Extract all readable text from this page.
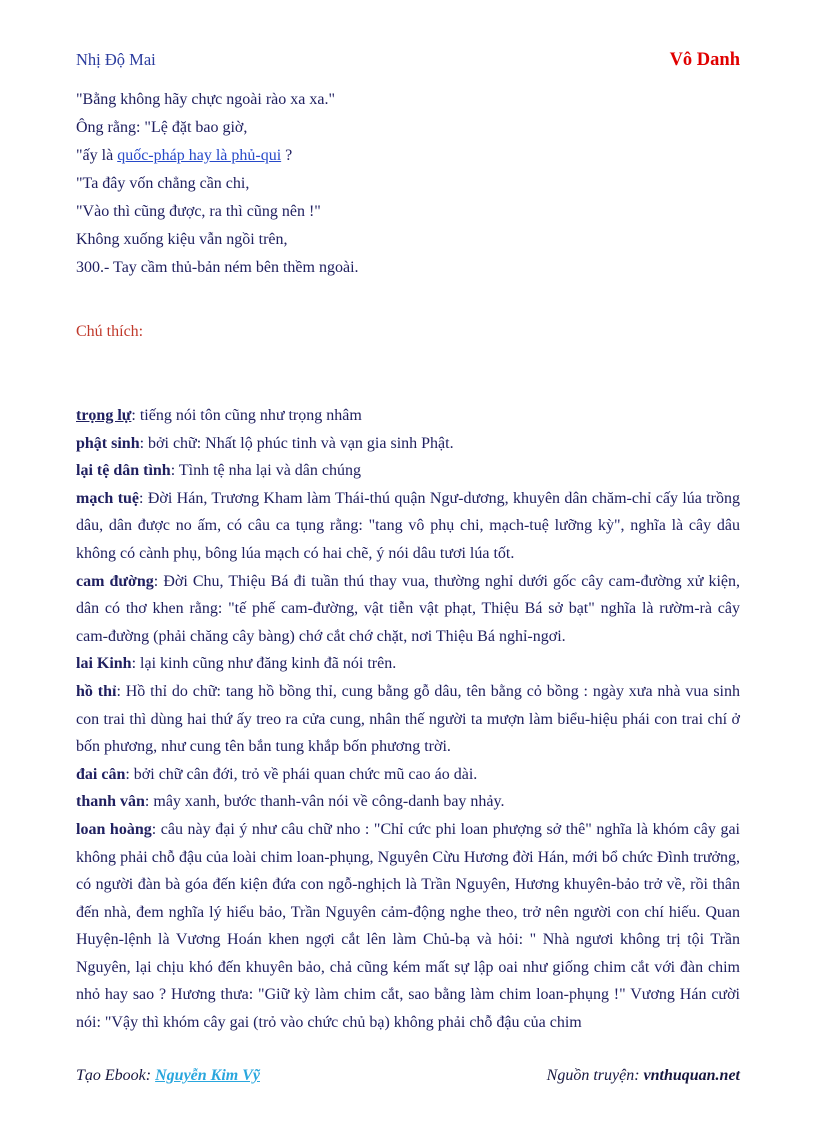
Nhị Độ Mai	Vô Danh

"Bằng không hãy chực ngoài rào xa xa."

Ông rằng: "Lệ đặt bao giờ,

"ấy là quốc-pháp hay là phủ-qui ?

"Ta đây vốn chẳng cần chi,

"Vào thì cũng được, ra thì cũng nên !"

Không xuống kiệu vẫn ngồi trên,

300.- Tay cầm thủ-bản ném bên thềm ngoài.

Chú thích:

trọng lự: tiếng nói tôn cũng như trọng nhâm

phật sinh: bởi chữ: Nhất lộ phúc tinh và vạn gia sinh Phật.

lại tệ dân tình: Tình tệ nha lại và dân chúng

mạch tuệ: Đời Hán, Trương Kham làm Thái-thú quận Ngư-dương, khuyên dân chăm-chỉ cấy lúa trồng dâu, dân được no ấm, có câu ca tụng rằng: "tang vô phụ chi, mạch-tuệ lưỡng kỳ", nghĩa là cây dâu không có cành phụ, bông lúa mạch có hai chẽ, ý nói dâu tươi lúa tốt.

cam đường: Đời Chu, Thiệu Bá đi tuần thú thay vua, thường nghỉ dưới gốc cây cam-đường xử kiện, dân có thơ khen rằng: "tế phế cam-đường, vật tiễn vật phạt, Thiệu Bá sở bạt" nghĩa là rườm-rà cây cam-đường (phải chăng cây bàng) chớ cắt chớ chặt, nơi Thiệu Bá nghỉ-ngơi.

lai Kinh: lại kinh cũng như đăng kinh đã nói trên.

hồ thỉ: Hồ thỉ do chữ: tang hồ bồng thỉ, cung bằng gỗ dâu, tên bằng cỏ bồng : ngày xưa nhà vua sinh con trai thì dùng hai thứ ấy treo ra cửa cung, nhân thế người ta mượn làm biểu-hiệu phái con trai chí ở bốn phương, như cung tên bắn tung khắp bốn phương trời.

đai cân: bởi chữ cân đới, trỏ về phái quan chức mũ cao áo dài.

thanh vân: mây xanh, bước thanh-vân nói về công-danh bay nhảy.

loan hoàng: câu này đại ý như câu chữ nho : "Chỉ cức phi loan phượng sở thê" nghĩa là khóm cây gai không phải chỗ đậu của loài chim loan-phụng, Nguyên Cừu Hương đời Hán, mới bổ chức Đình trưởng, có người đàn bà góa đến kiện đứa con ngỗ-nghịch là Trần Nguyên, Hương khuyên-bảo trở về, rồi thân đến nhà, đem nghĩa lý hiểu bảo, Trần Nguyên cảm-động nghe theo, trở nên người con chí hiếu. Quan Huyện-lệnh là Vương Hoán khen ngợi cắt lên làm Chủ-bạ và hỏi: " Nhà ngươi không trị tội Trần Nguyên, lại chịu khó đến khuyên bảo, chả cũng kém mất sự lập oai như giống chim cắt với đàn chim nhỏ hay sao ? Hương thưa: "Giữ kỳ làm chim cắt, sao bằng làm chim loan-phụng !" Vương Hán cười nói: "Vậy thì khóm cây gai (trỏ vào chức chủ bạ) không phải chỗ đậu của chim

Tạo Ebook: Nguyễn Kim Vỹ	Nguồn truyện: vnthuquan.net
